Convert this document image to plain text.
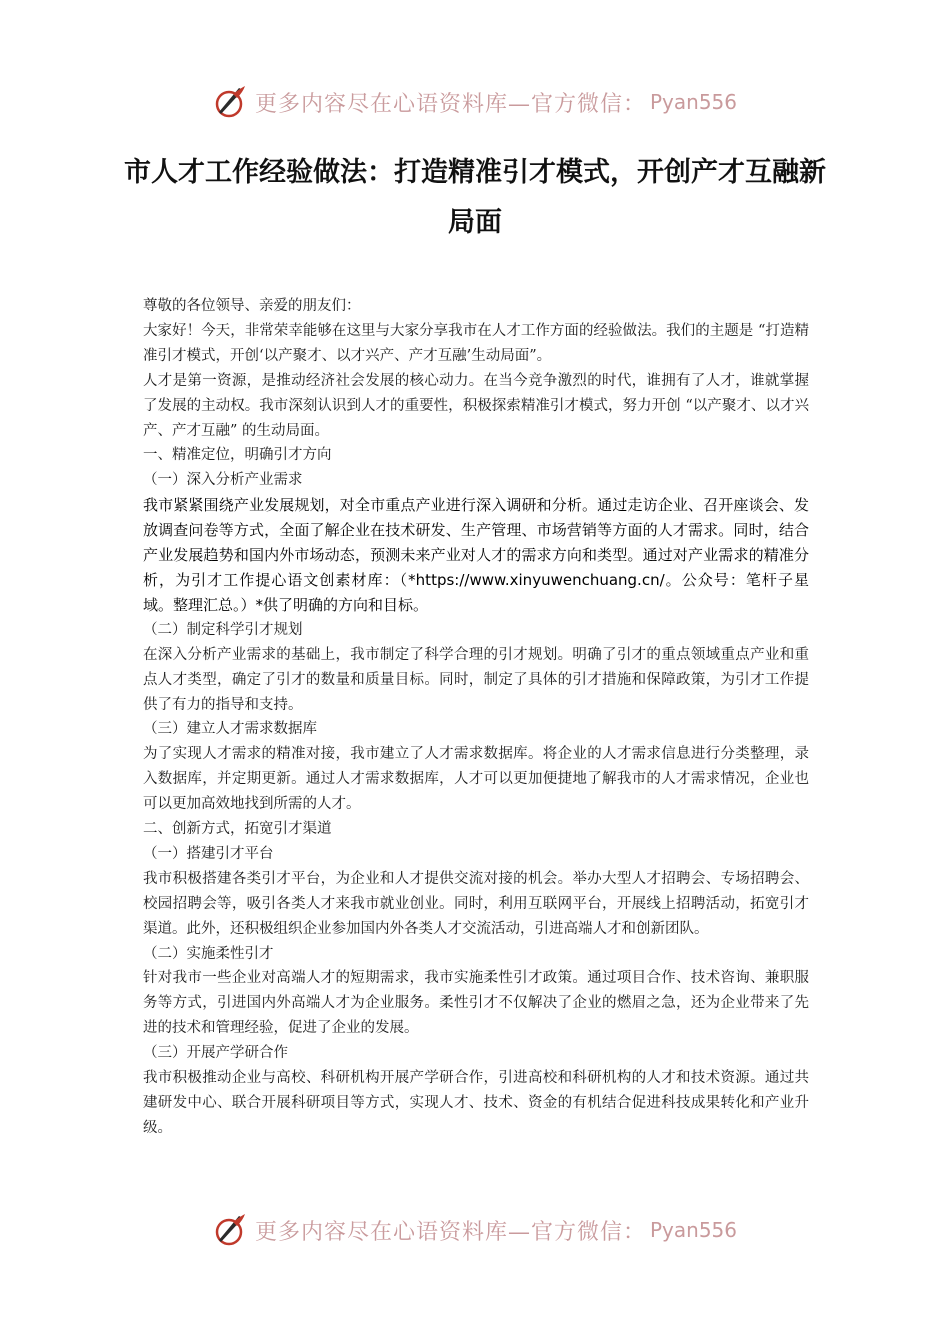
更多内容尽在心语资料库—官方微信： Pyan556
市人才工作经验做法：打造精准引才模式，开创产才互融新局面

尊敬的各位领导、亲爱的朋友们：

大家好！今天，非常荣幸能够在这里与大家分享我市在人才工作方面的经验做法。我们的主题是 “打造精准引才模式，开创‘以产聚才、以才兴产、产才互融’生动局面”。

人才是第一资源，是推动经济社会发展的核心动力。在当今竞争激烈的时代，谁拥有了人才，谁就掌握了发展的主动权。我市深刻认识到人才的重要性，积极探索精准引才模式，努力开创 “以产聚才、以才兴产、产才互融” 的生动局面。

一、精准定位，明确引才方向

（一）深入分析产业需求

我市紧紧围绕产业发展规划，对全市重点产业进行深入调研和分析。通过走访企业、召开座谈会、发放调查问卷等方式，全面了解企业在技术研发、生产管理、市场营销等方面的人才需求。同时，结合产业发展趋势和国内外市场动态，预测未来产业对人才的需求方向和类型。通过对产业需求的精准分析，为引才工作提心语文创素材库：（*https://www.xinyuwenchuang.cn/。公众号：笔杆子星域。整理汇总。）*供了明确的方向和目标。

（二）制定科学引才规划

在深入分析产业需求的基础上，我市制定了科学合理的引才规划。明确了引才的重点领域重点产业和重点人才类型，确定了引才的数量和质量目标。同时，制定了具体的引才措施和保障政策，为引才工作提供了有力的指导和支持。

（三）建立人才需求数据库

为了实现人才需求的精准对接，我市建立了人才需求数据库。将企业的人才需求信息进行分类整理，录入数据库，并定期更新。通过人才需求数据库，人才可以更加便捷地了解我市的人才需求情况，企业也可以更加高效地找到所需的人才。

二、创新方式，拓宽引才渠道

（一）搭建引才平台

我市积极搭建各类引才平台，为企业和人才提供交流对接的机会。举办大型人才招聘会、专场招聘会、校园招聘会等，吸引各类人才来我市就业创业。同时，利用互联网平台，开展线上招聘活动，拓宽引才渠道。此外，还积极组织企业参加国内外各类人才交流活动，引进高端人才和创新团队。

（二）实施柔性引才

针对我市一些企业对高端人才的短期需求，我市实施柔性引才政策。通过项目合作、技术咨询、兼职服务等方式，引进国内外高端人才为企业服务。柔性引才不仅解决了企业的燃眉之急，还为企业带来了先进的技术和管理经验，促进了企业的发展。

（三）开展产学研合作

我市积极推动企业与高校、科研机构开展产学研合作，引进高校和科研机构的人才和技术资源。通过共建研发中心、联合开展科研项目等方式，实现人才、技术、资金的有机结合促进科技成果转化和产业升级。

更多内容尽在心语资料库—官方微信： Pyan556
